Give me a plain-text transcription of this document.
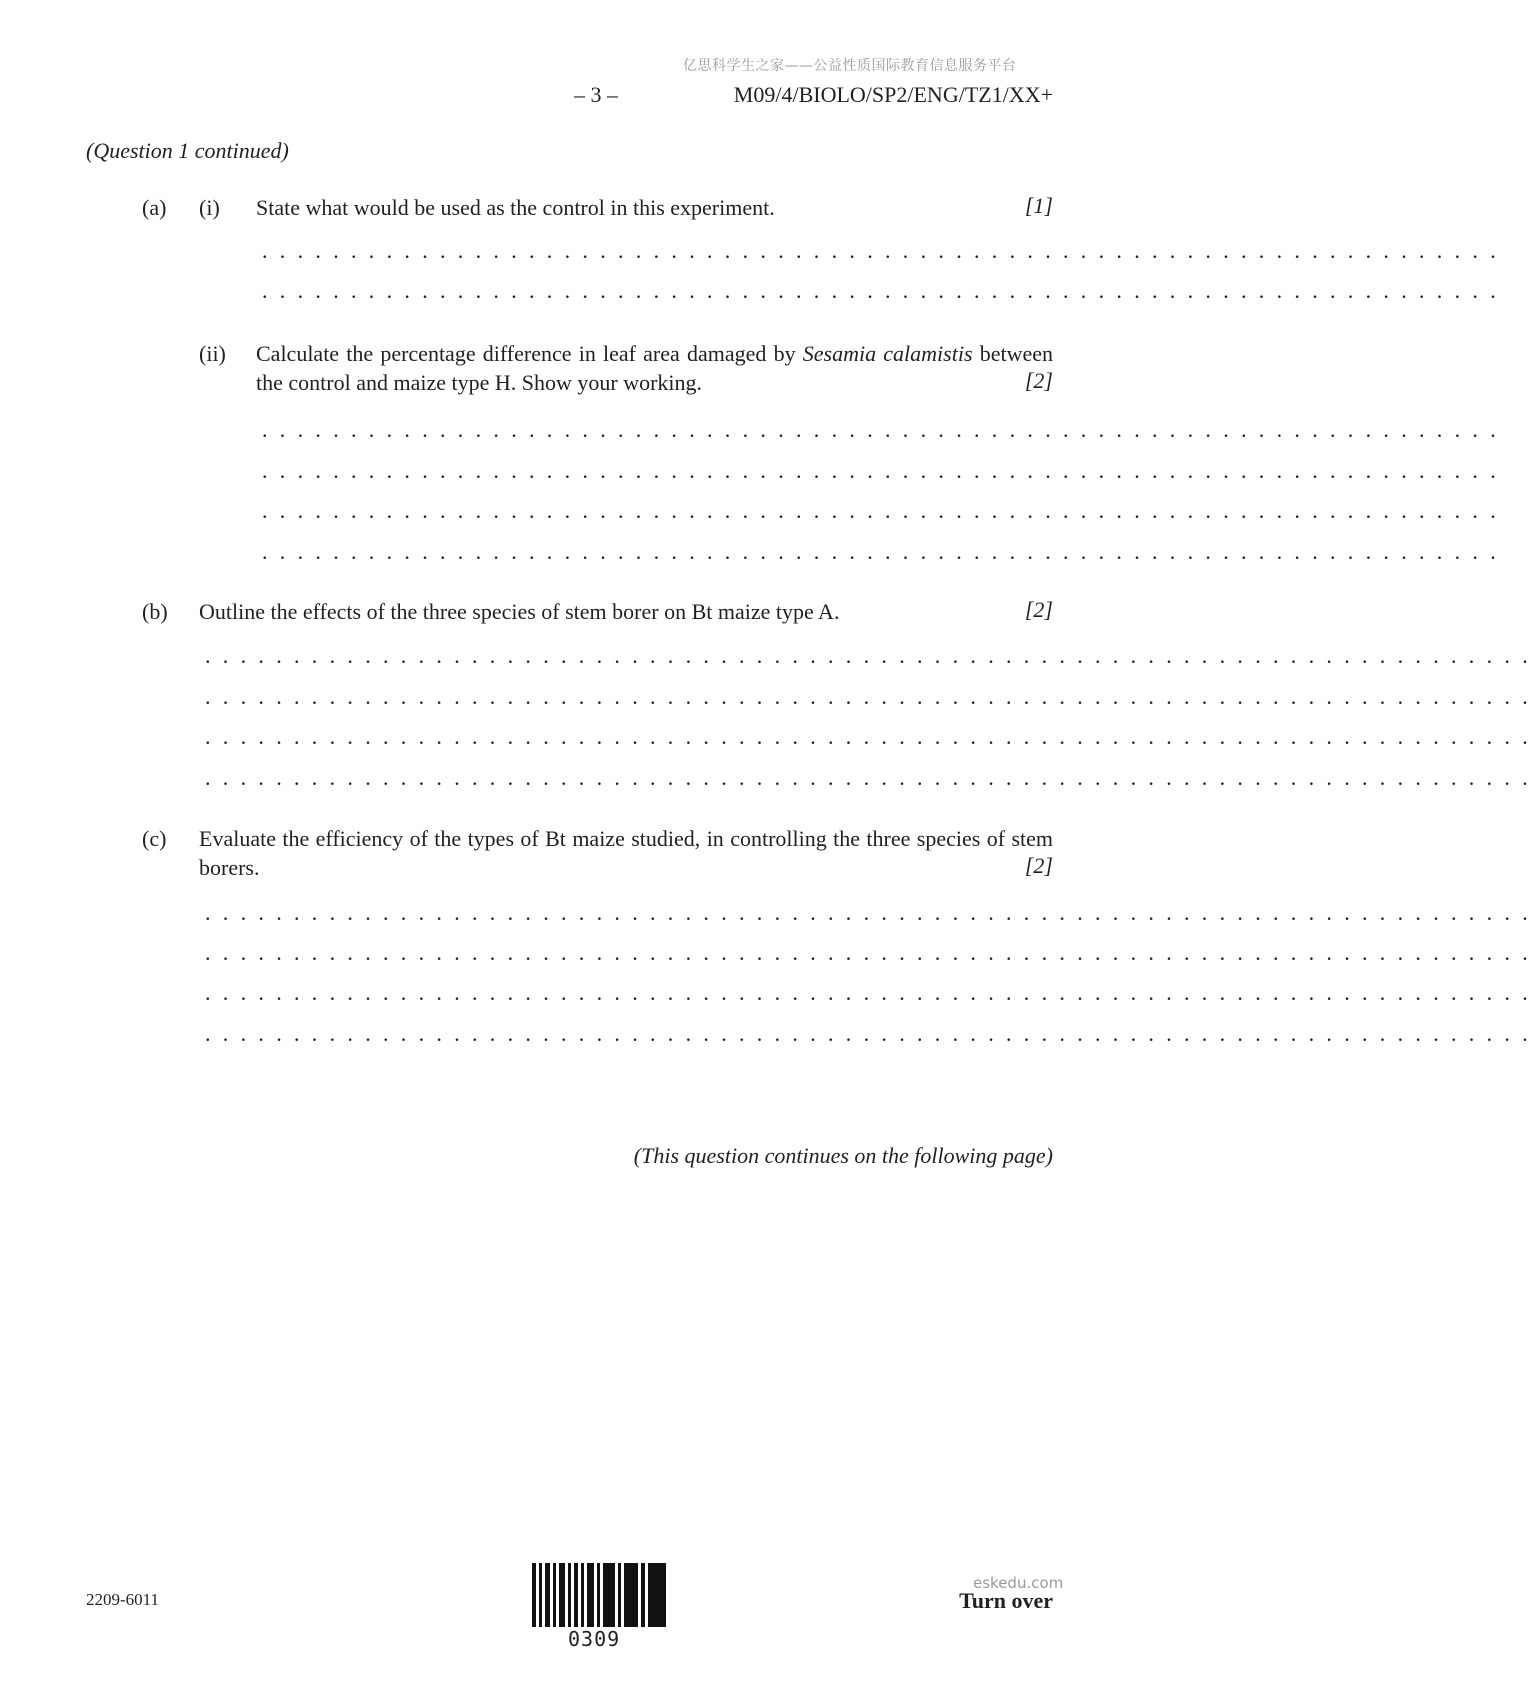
亿思科学生之家——公益性质国际教育信息服务平台
– 3 –	M09/4/BIOLO/SP2/ENG/TZ1/XX+
(Question 1 continued)
(a) (i) State what would be used as the control in this experiment.	[1]
. . . . . . . . . . . . . . . . . . . . . . . . . . . . . . . . . . . . . . . . . . . . . . . . . . . . . . . . . . . . . . . . . . . . . .
. . . . . . . . . . . . . . . . . . . . . . . . . . . . . . . . . . . . . . . . . . . . . . . . . . . . . . . . . . . . . . . . . . . . . .
(ii) Calculate the percentage difference in leaf area damaged by Sesamia calamistis between the control and maize type H. Show your working.	[2]
. . . . . . . . . . . . . . . . . . . . . . . . . . . . . . . . . . . . . . . . . . . . . . . . . . . . . . . . . . . . . . . . . . . . . .
. . . . . . . . . . . . . . . . . . . . . . . . . . . . . . . . . . . . . . . . . . . . . . . . . . . . . . . . . . . . . . . . . . . . . .
. . . . . . . . . . . . . . . . . . . . . . . . . . . . . . . . . . . . . . . . . . . . . . . . . . . . . . . . . . . . . . . . . . . . . .
. . . . . . . . . . . . . . . . . . . . . . . . . . . . . . . . . . . . . . . . . . . . . . . . . . . . . . . . . . . . . . . . . . . . . .
(b) Outline the effects of the three species of stem borer on Bt maize type A.	[2]
. . . . . . . . . . . . . . . . . . . . . . . . . . . . . . . . . . . . . . . . . . . . . . . . . . . . . . . . . . . . . . . . . . . . . . . . . . .
. . . . . . . . . . . . . . . . . . . . . . . . . . . . . . . . . . . . . . . . . . . . . . . . . . . . . . . . . . . . . . . . . . . . . . . . . . .
. . . . . . . . . . . . . . . . . . . . . . . . . . . . . . . . . . . . . . . . . . . . . . . . . . . . . . . . . . . . . . . . . . . . . . . . . . .
. . . . . . . . . . . . . . . . . . . . . . . . . . . . . . . . . . . . . . . . . . . . . . . . . . . . . . . . . . . . . . . . . . . . . . . . . . .
(c) Evaluate the efficiency of the types of Bt maize studied, in controlling the three species of stem borers.	[2]
. . . . . . . . . . . . . . . . . . . . . . . . . . . . . . . . . . . . . . . . . . . . . . . . . . . . . . . . . . . . . . . . . . . . . . . . . . .
. . . . . . . . . . . . . . . . . . . . . . . . . . . . . . . . . . . . . . . . . . . . . . . . . . . . . . . . . . . . . . . . . . . . . . . . . . .
. . . . . . . . . . . . . . . . . . . . . . . . . . . . . . . . . . . . . . . . . . . . . . . . . . . . . . . . . . . . . . . . . . . . . . . . . . .
. . . . . . . . . . . . . . . . . . . . . . . . . . . . . . . . . . . . . . . . . . . . . . . . . . . . . . . . . . . . . . . . . . . . . . . . . . .
(This question continues on the following page)
2209-6011
0309
eskedu.com
Turn over
